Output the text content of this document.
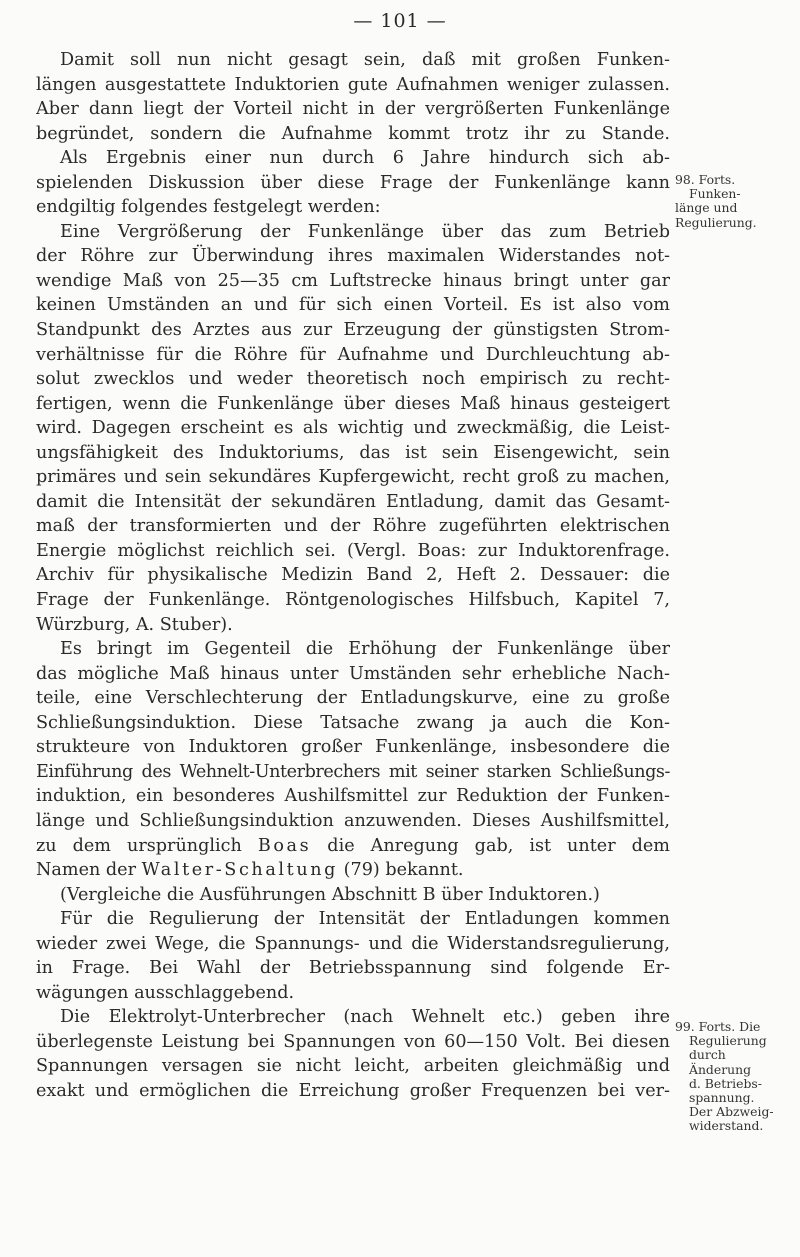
— 101 —
Damit soll nun nicht gesagt sein, daß mit großen Funken-
längen ausgestattete Induktorien gute Aufnahmen weniger zulassen.
Aber dann liegt der Vorteil nicht in der vergrößerten Funkenlänge
begründet, sondern die Aufnahme kommt trotz ihr zu Stande.
Als Ergebnis einer nun durch 6 Jahre hindurch sich ab-
spielenden Diskussion über diese Frage der Funkenlänge kann
endgiltig folgendes festgelegt werden:
Eine Vergrößerung der Funkenlänge über das zum Betrieb
der Röhre zur Überwindung ihres maximalen Widerstandes not-
wendige Maß von 25—35 cm Luftstrecke hinaus bringt unter gar
keinen Umständen an und für sich einen Vorteil. Es ist also vom
Standpunkt des Arztes aus zur Erzeugung der günstigsten Strom-
verhältnisse für die Röhre für Aufnahme und Durchleuchtung ab-
solut zwecklos und weder theoretisch noch empirisch zu recht-
fertigen, wenn die Funkenlänge über dieses Maß hinaus gesteigert
wird. Dagegen erscheint es als wichtig und zweckmäßig, die Leist-
ungsfähigkeit des Induktoriums, das ist sein Eisengewicht, sein
primäres und sein sekundäres Kupfergewicht, recht groß zu machen,
damit die Intensität der sekundären Entladung, damit das Gesamt-
maß der transformierten und der Röhre zugeführten elektrischen
Energie möglichst reichlich sei. (Vergl. Boas: zur Induktorenfrage.
Archiv für physikalische Medizin Band 2, Heft 2. Dessauer: die
Frage der Funkenlänge. Röntgenologisches Hilfsbuch, Kapitel 7,
Würzburg, A. Stuber).
Es bringt im Gegenteil die Erhöhung der Funkenlänge über
das mögliche Maß hinaus unter Umständen sehr erhebliche Nach-
teile, eine Verschlechterung der Entladungskurve, eine zu große
Schließungsinduktion. Diese Tatsache zwang ja auch die Kon-
strukteure von Induktoren großer Funkenlänge, insbesondere die
Einführung des Wehnelt-Unterbrechers mit seiner starken Schließungs-
induktion, ein besonderes Aushilfsmittel zur Reduktion der Funken-
länge und Schließungsinduktion anzuwenden. Dieses Aushilfsmittel,
zu dem ursprünglich Boas die Anregung gab, ist unter dem
Namen der Walter-Schaltung (79) bekannt.
(Vergleiche die Ausführungen Abschnitt B über Induktoren.)
Für die Regulierung der Intensität der Entladungen kommen
wieder zwei Wege, die Spannungs- und die Widerstandsregulierung,
in Frage. Bei Wahl der Betriebsspannung sind folgende Er-
wägungen ausschlaggebend.
Die Elektrolyt-Unterbrecher (nach Wehnelt etc.) geben ihre
überlegenste Leistung bei Spannungen von 60—150 Volt. Bei diesen
Spannungen versagen sie nicht leicht, arbeiten gleichmäßig und
exakt und ermöglichen die Erreichung großer Frequenzen bei ver-
98. Forts.
Funken-
länge und
Regulierung.
99. Forts. Die
Regulierung
durch
Änderung
d. Betriebs-
spannung.
Der Abzweig-
widerstand.
